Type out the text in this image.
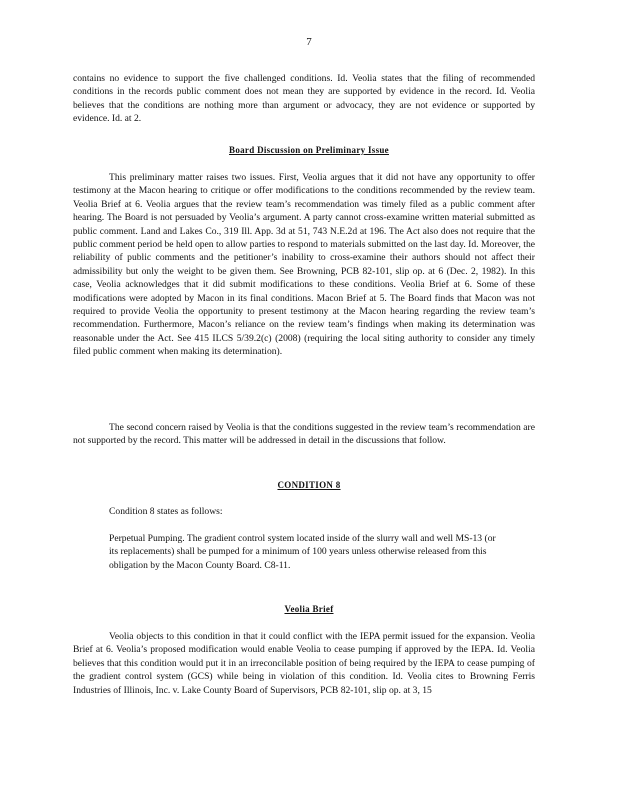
7

contains no evidence to support the five challenged conditions. Id. Veolia states that the filing of recommended conditions in the records public comment does not mean they are supported by evidence in the record. Id. Veolia believes that the conditions are nothing more than argument or advocacy, they are not evidence or supported by evidence. Id. at 2.

Board Discussion on Preliminary Issue

This preliminary matter raises two issues. First, Veolia argues that it did not have any opportunity to offer testimony at the Macon hearing to critique or offer modifications to the conditions recommended by the review team. Veolia Brief at 6. Veolia argues that the review team’s recommendation was timely filed as a public comment after hearing. The Board is not persuaded by Veolia’s argument. A party cannot cross-examine written material submitted as public comment. Land and Lakes Co., 319 Ill. App. 3d at 51, 743 N.E.2d at 196. The Act also does not require that the public comment period be held open to allow parties to respond to materials submitted on the last day. Id. Moreover, the reliability of public comments and the petitioner’s inability to cross-examine their authors should not affect their admissibility but only the weight to be given them. See Browning, PCB 82-101, slip op. at 6 (Dec. 2, 1982). In this case, Veolia acknowledges that it did submit modifications to these conditions. Veolia Brief at 6. Some of these modifications were adopted by Macon in its final conditions. Macon Brief at 5. The Board finds that Macon was not required to provide Veolia the opportunity to present testimony at the Macon hearing regarding the review team’s recommendation. Furthermore, Macon’s reliance on the review team’s findings when making its determination was reasonable under the Act. See 415 ILCS 5/39.2(c) (2008) (requiring the local siting authority to consider any timely filed public comment when making its determination).

The second concern raised by Veolia is that the conditions suggested in the review team’s recommendation are not supported by the record. This matter will be addressed in detail in the discussions that follow.

CONDITION 8

Condition 8 states as follows:

Perpetual Pumping. The gradient control system located inside of the slurry wall and well MS-13 (or its replacements) shall be pumped for a minimum of 100 years unless otherwise released from this obligation by the Macon County Board. C8-11.

Veolia Brief

Veolia objects to this condition in that it could conflict with the IEPA permit issued for the expansion. Veolia Brief at 6. Veolia’s proposed modification would enable Veolia to cease pumping if approved by the IEPA. Id. Veolia believes that this condition would put it in an irreconcilable position of being required by the IEPA to cease pumping of the gradient control system (GCS) while being in violation of this condition. Id. Veolia cites to Browning Ferris Industries of Illinois, Inc. v. Lake County Board of Supervisors, PCB 82-101, slip op. at 3, 15
